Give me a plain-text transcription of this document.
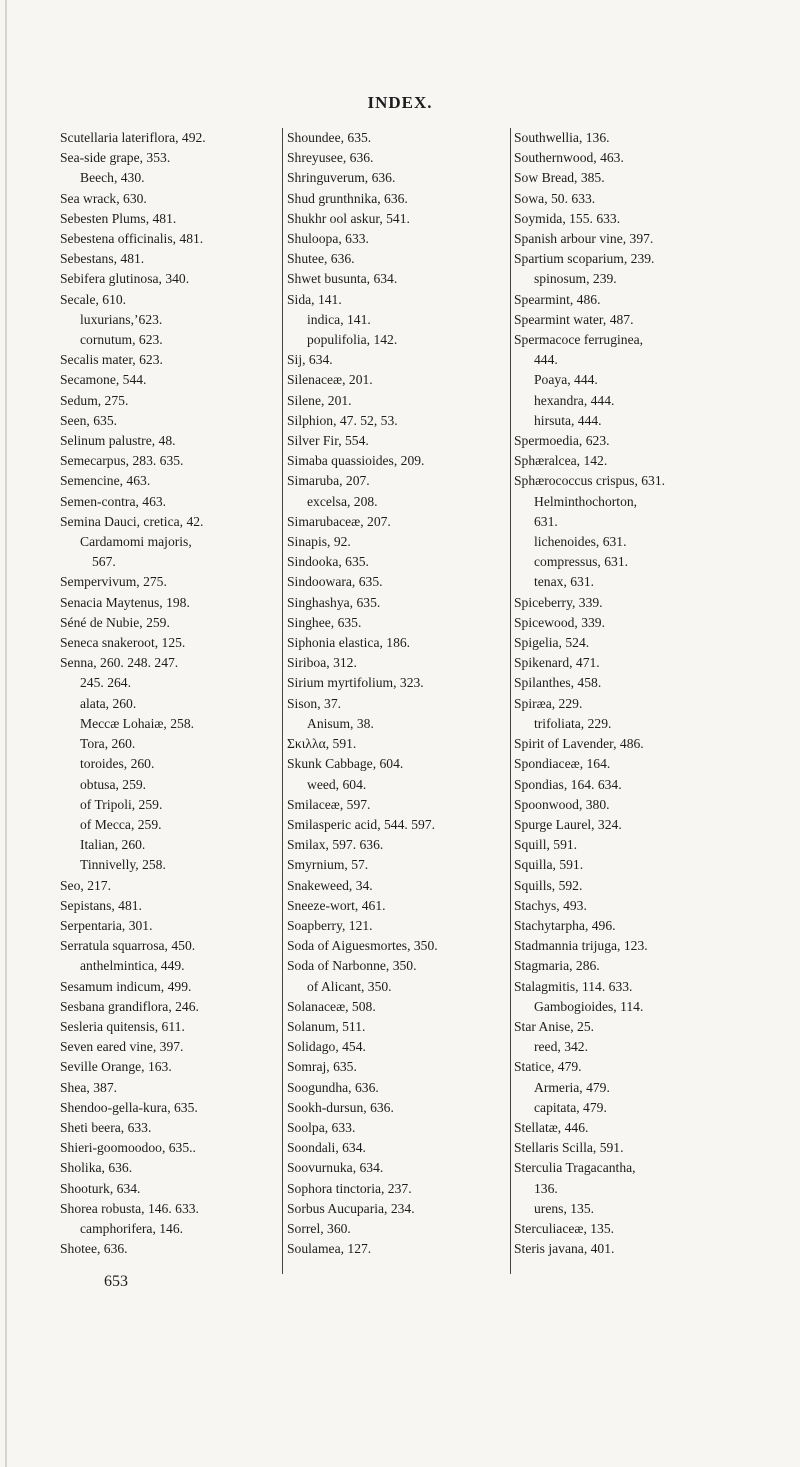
INDEX.
Scutellaria lateriflora, 492.
Sea-side grape, 353.
Beech, 430.
Sea wrack, 630.
Sebesten Plums, 481.
Sebestena officinalis, 481.
Sebestans, 481.
Sebifera glutinosa, 340.
Secale, 610.
luxurians,’623.
cornutum, 623.
Secalis mater, 623.
Secamone, 544.
Sedum, 275.
Seen, 635.
Selinum palustre, 48.
Semecarpus, 283. 635.
Semencine, 463.
Semen-contra, 463.
Semina Dauci, cretica, 42.
Cardamomi majoris,
567.
Sempervivum, 275.
Senacia Maytenus, 198.
Séné de Nubie, 259.
Seneca snakeroot, 125.
Senna, 260. 248. 247.
245. 264.
alata, 260.
Meccæ Lohaiæ, 258.
Tora, 260.
toroides, 260.
obtusa, 259.
of Tripoli, 259.
of Mecca, 259.
Italian, 260.
Tinnivelly, 258.
Seo, 217.
Sepistans, 481.
Serpentaria, 301.
Serratula squarrosa, 450.
anthelmintica, 449.
Sesamum indicum, 499.
Sesbana grandiflora, 246.
Sesleria quitensis, 611.
Seven eared vine, 397.
Seville Orange, 163.
Shea, 387.
Shendoo-gella-kura, 635.
Sheti beera, 633.
Shieri-goomoodoo, 635..
Sholika, 636.
Shooturk, 634.
Shorea robusta, 146. 633.
camphorifera, 146.
Shotee, 636.
Shoundee, 635.
Shreyusee, 636.
Shringuverum, 636.
Shud grunthnika, 636.
Shukhr ool askur, 541.
Shuloopa, 633.
Shutee, 636.
Shwet busunta, 634.
Sida, 141.
indica, 141.
populifolia, 142.
Sij, 634.
Silenaceæ, 201.
Silene, 201.
Silphion, 47. 52, 53.
Silver Fir, 554.
Simaba quassioides, 209.
Simaruba, 207.
excelsa, 208.
Simarubaceæ, 207.
Sinapis, 92.
Sindooka, 635.
Sindoowara, 635.
Singhashya, 635.
Singhee, 635.
Siphonia elastica, 186.
Siriboa, 312.
Sirium myrtifolium, 323.
Sison, 37.
Anisum, 38.
Σκιλλα, 591.
Skunk Cabbage, 604.
weed, 604.
Smilaceæ, 597.
Smilasperic acid, 544. 597.
Smilax, 597. 636.
Smyrnium, 57.
Snakeweed, 34.
Sneeze-wort, 461.
Soapberry, 121.
Soda of Aiguesmortes, 350.
Soda of Narbonne, 350.
of Alicant, 350.
Solanaceæ, 508.
Solanum, 511.
Solidago, 454.
Somraj, 635.
Soogundha, 636.
Sookh-dursun, 636.
Soolpa, 633.
Soondali, 634.
Soovurnuka, 634.
Sophora tinctoria, 237.
Sorbus Aucuparia, 234.
Sorrel, 360.
Soulamea, 127.
Southwellia, 136.
Southernwood, 463.
Sow Bread, 385.
Sowa, 50. 633.
Soymida, 155. 633.
Spanish arbour vine, 397.
Spartium scoparium, 239.
spinosum, 239.
Spearmint, 486.
Spearmint water, 487.
Spermacoce ferruginea,
444.
Poaya, 444.
hexandra, 444.
hirsuta, 444.
Spermoedia, 623.
Sphæralcea, 142.
Sphærococcus crispus, 631.
Helminthochorton,
631.
lichenoides, 631.
compressus, 631.
tenax, 631.
Spiceberry, 339.
Spicewood, 339.
Spigelia, 524.
Spikenard, 471.
Spilanthes, 458.
Spiræa, 229.
trifoliata, 229.
Spirit of Lavender, 486.
Spondiaceæ, 164.
Spondias, 164. 634.
Spoonwood, 380.
Spurge Laurel, 324.
Squill, 591.
Squilla, 591.
Squills, 592.
Stachys, 493.
Stachytarpha, 496.
Stadmannia trijuga, 123.
Stagmaria, 286.
Stalagmitis, 114. 633.
Gambogioides, 114.
Star Anise, 25.
reed, 342.
Statice, 479.
Armeria, 479.
capitata, 479.
Stellatæ, 446.
Stellaris Scilla, 591.
Sterculia Tragacantha,
136.
urens, 135.
Sterculiaceæ, 135.
Steris javana, 401.
653
